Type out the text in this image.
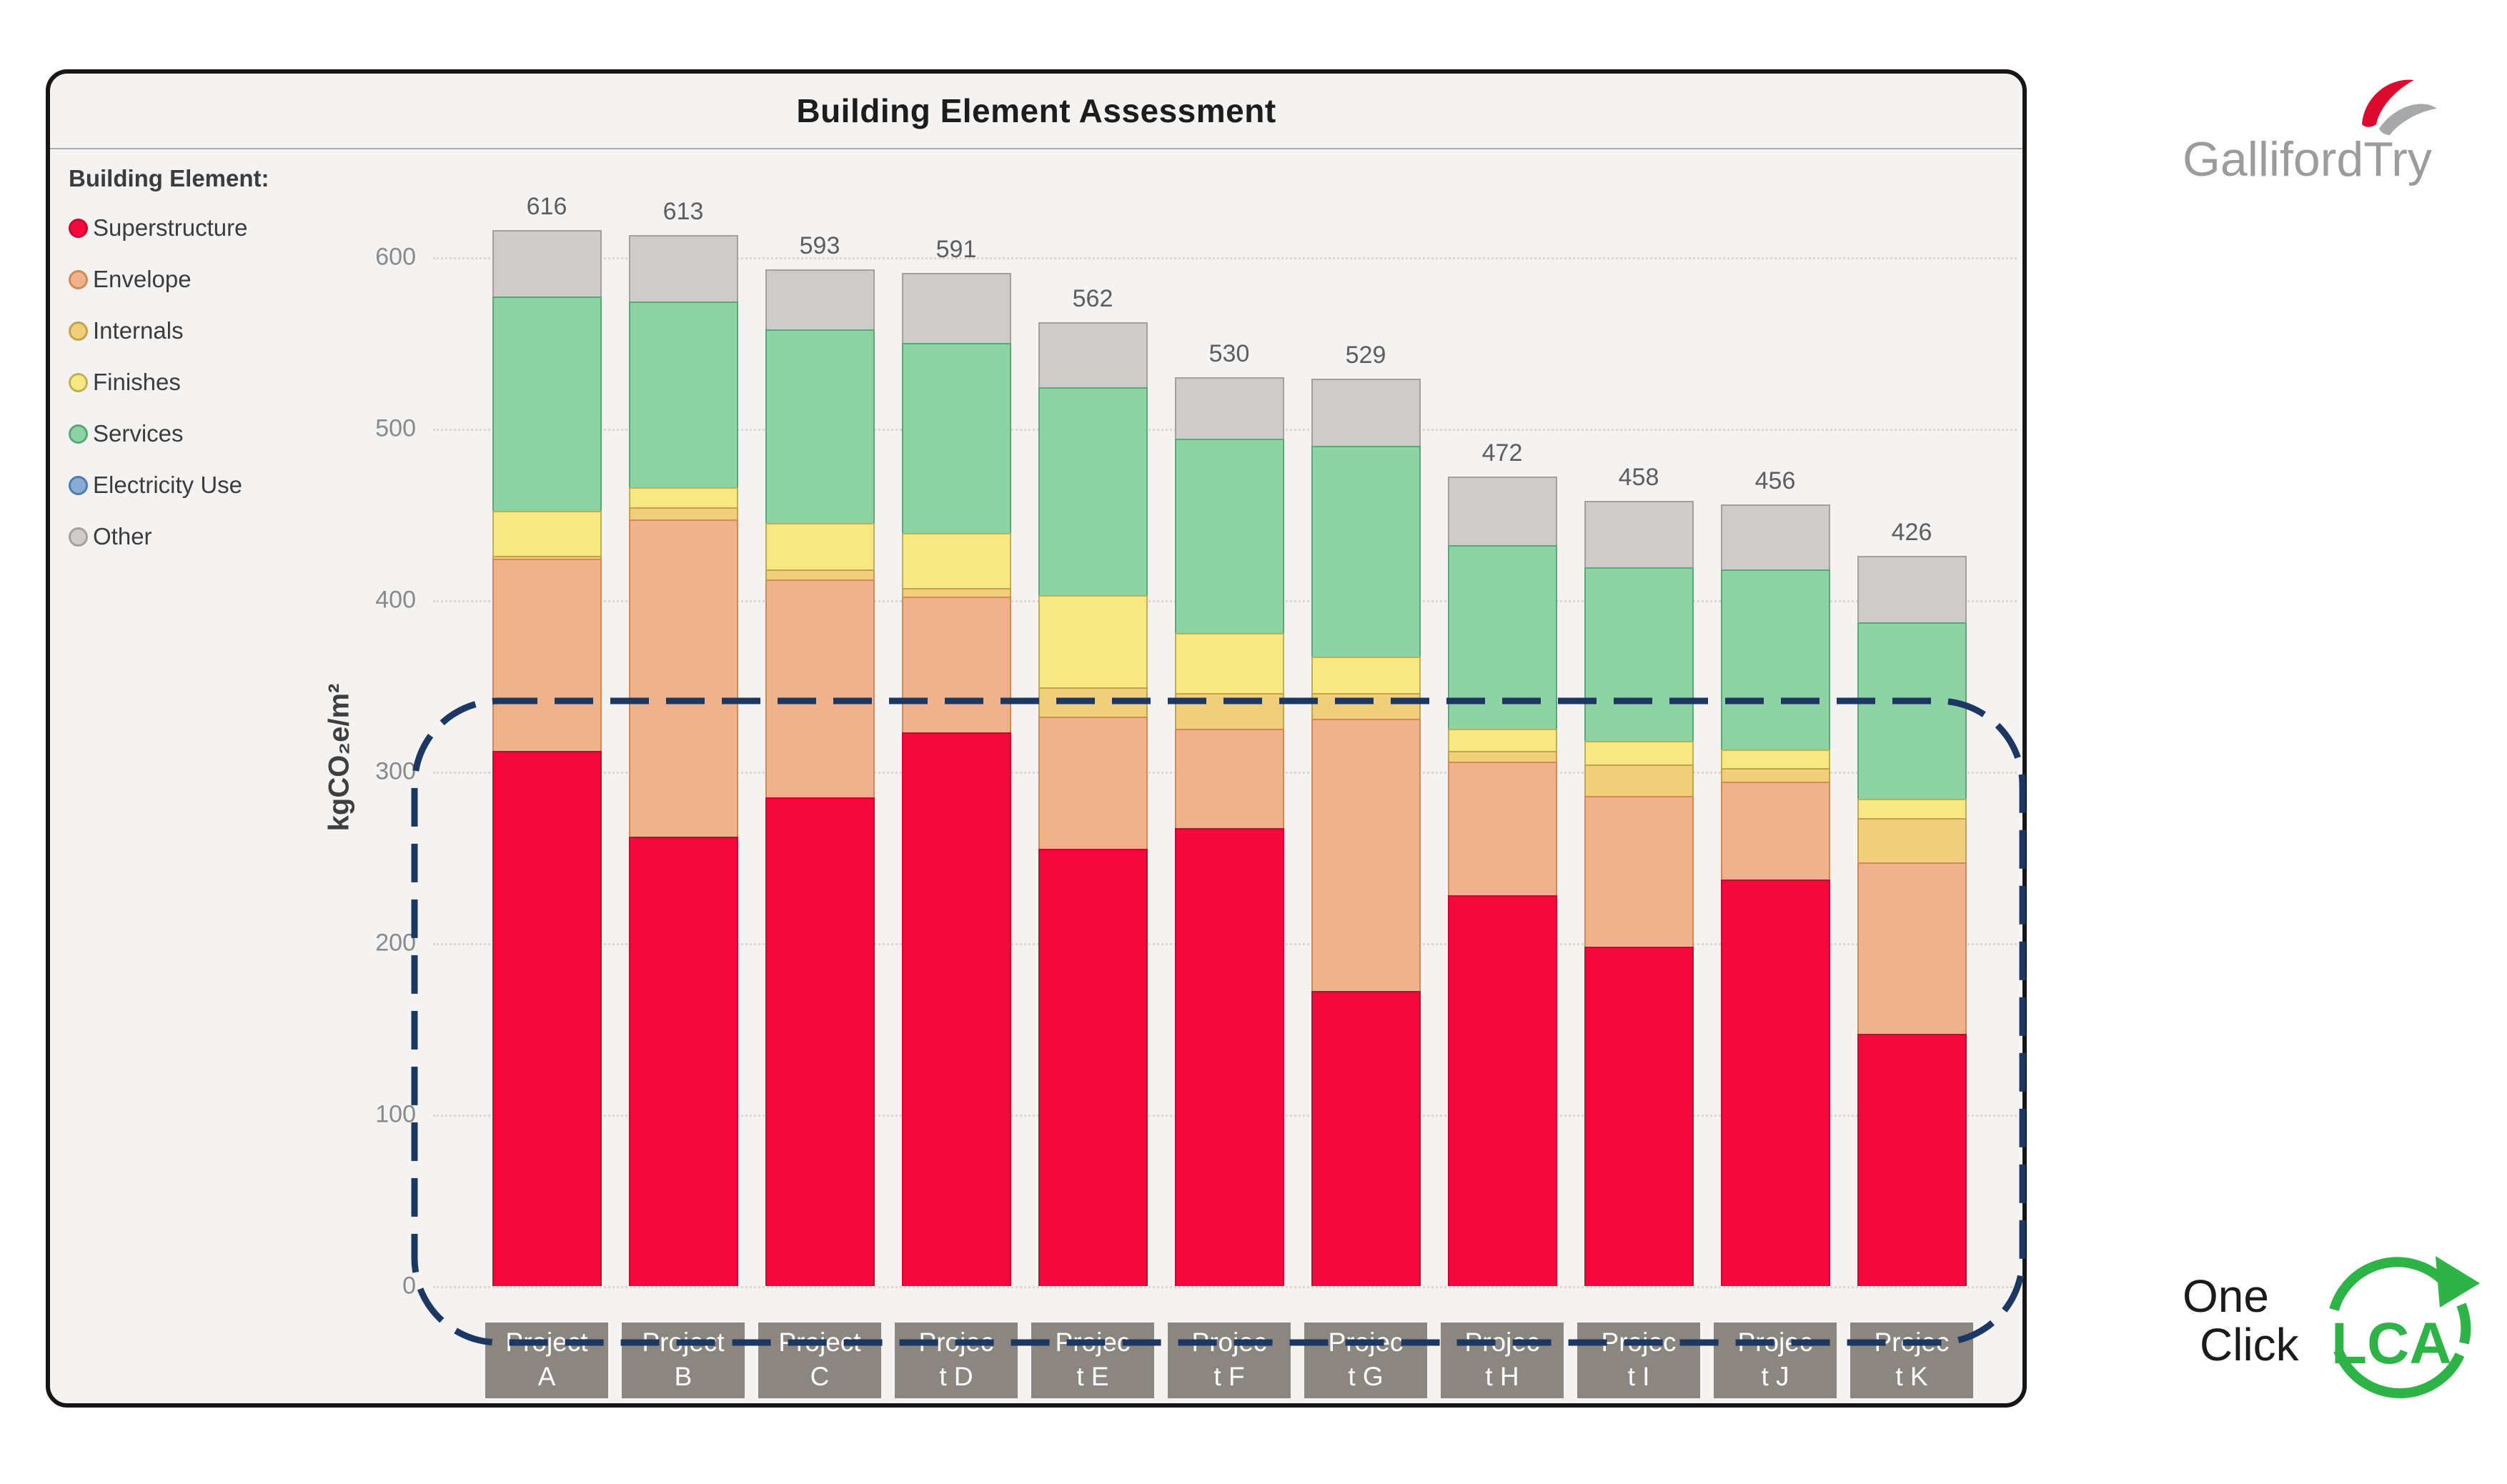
Building Element Assessment
Building Element:
Superstructure
Envelope
Internals
Finishes
Services
Electricity Use
Other
kgCO₂e/m²
0
100
200
300
400
500
600
616
Project
A
613
Project
B
593
Project
C
591
Projec
t D
562
Projec
t E
530
Projec
t F
529
Projec
t G
472
Projec
t H
458
Projec
t I
456
Projec
t J
426
Projec
t K
GallifordTry
One
Click LCA
